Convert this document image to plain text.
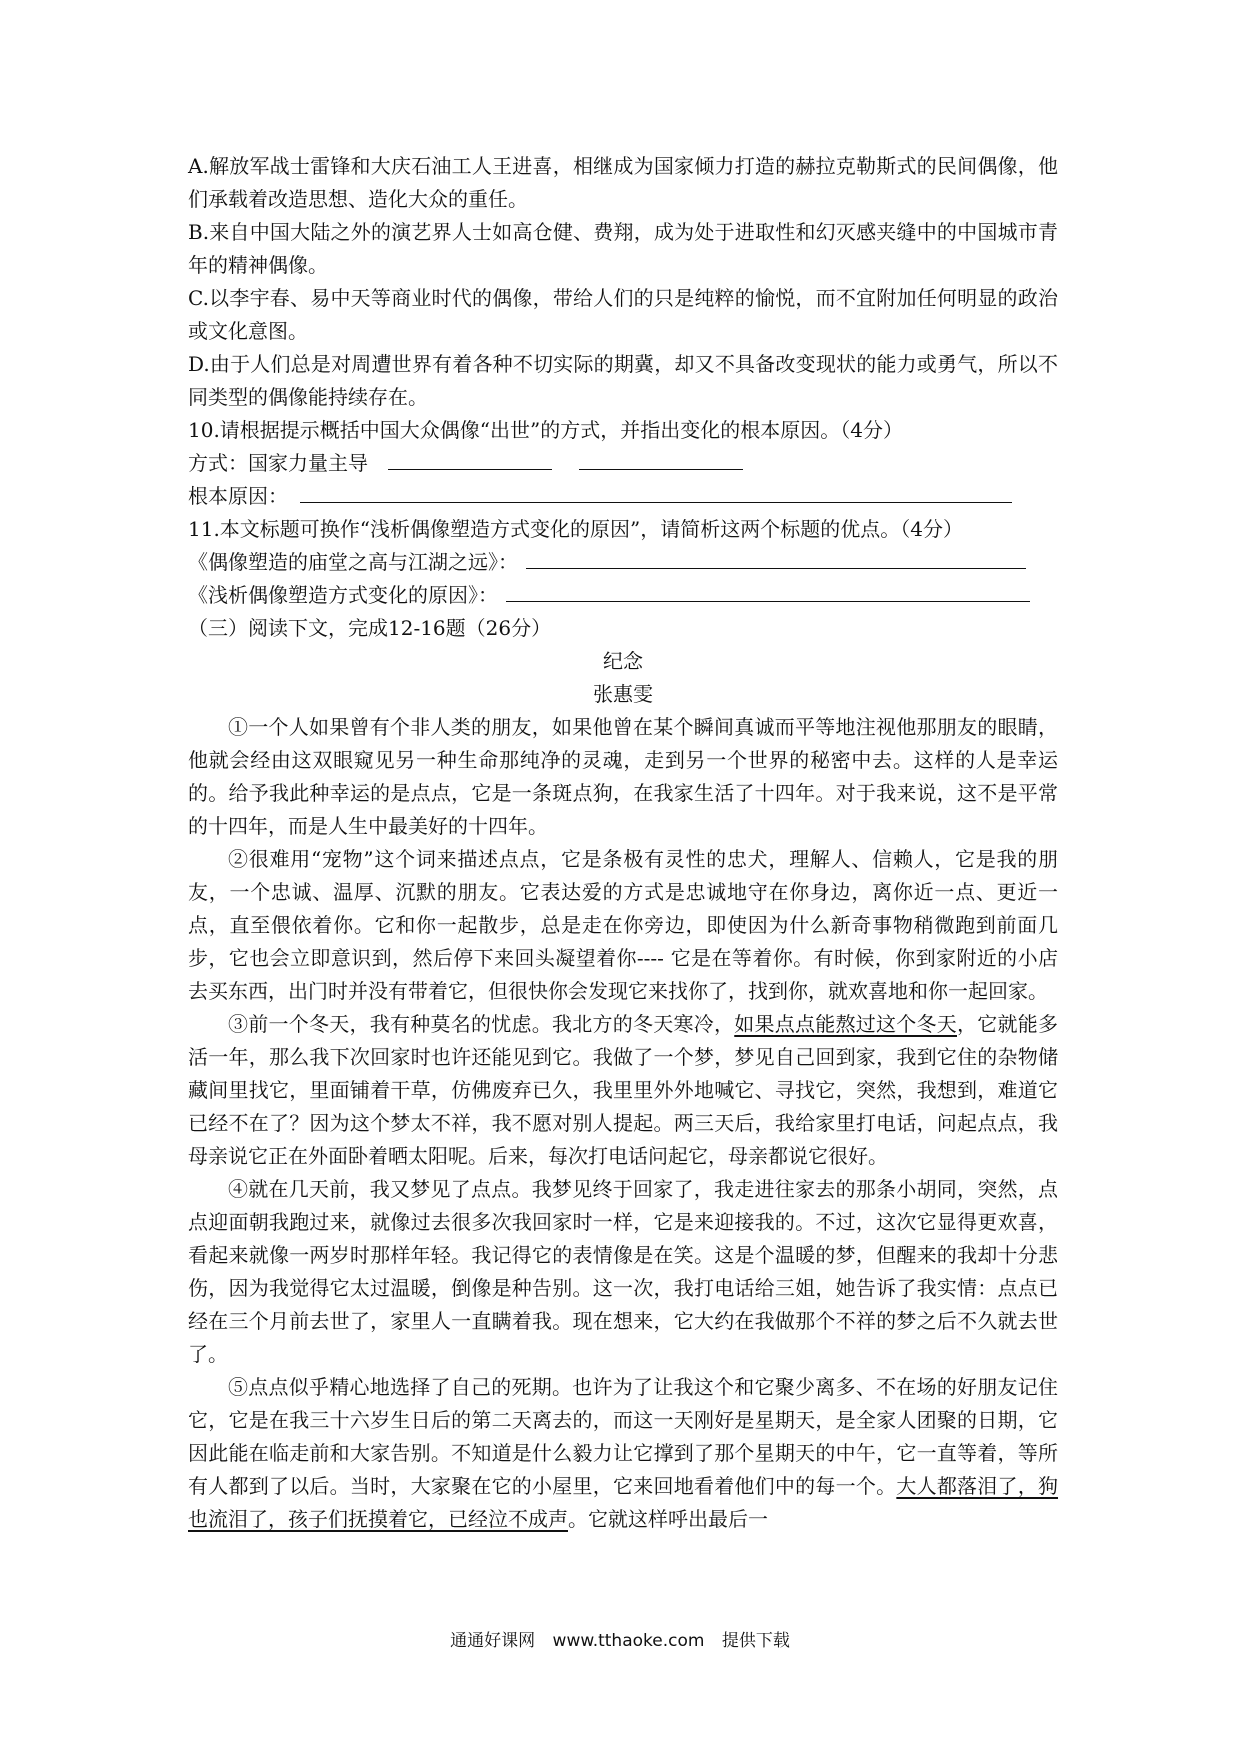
A.解放军战士雷锋和大庆石油工人王进喜，相继成为国家倾力打造的赫拉克勒斯式的民间偶像，他们承载着改造思想、造化大众的重任。

B.来自中国大陆之外的演艺界人士如高仓健、费翔，成为处于进取性和幻灭感夹缝中的中国城市青年的精神偶像。

C.以李宇春、易中天等商业时代的偶像，带给人们的只是纯粹的愉悦，而不宜附加任何明显的政治或文化意图。

D.由于人们总是对周遭世界有着各种不切实际的期冀，却又不具备改变现状的能力或勇气，所以不同类型的偶像能持续存在。

10.请根据提示概括中国大众偶像“出世”的方式，并指出变化的根本原因。（4分）

方式：国家力量主导

根本原因：

11.本文标题可换作“浅析偶像塑造方式变化的原因”，请简析这两个标题的优点。（4分）

《偶像塑造的庙堂之高与江湖之远》：

《浅析偶像塑造方式变化的原因》：

（三）阅读下文，完成12-16题（26分）

纪念

张惠雯

①一个人如果曾有个非人类的朋友，如果他曾在某个瞬间真诚而平等地注视他那朋友的眼睛，他就会经由这双眼窥见另一种生命那纯净的灵魂，走到另一个世界的秘密中去。这样的人是幸运的。给予我此种幸运的是点点，它是一条斑点狗，在我家生活了十四年。对于我来说，这不是平常的十四年，而是人生中最美好的十四年。

②很难用“宠物”这个词来描述点点，它是条极有灵性的忠犬，理解人、信赖人，它是我的朋友，一个忠诚、温厚、沉默的朋友。它表达爱的方式是忠诚地守在你身边，离你近一点、更近一点，直至偎依着你。它和你一起散步，总是走在你旁边，即使因为什么新奇事物稍微跑到前面几步，它也会立即意识到，然后停下来回头凝望着你---- 它是在等着你。有时候，你到家附近的小店去买东西，出门时并没有带着它，但很快你会发现它来找你了，找到你，就欢喜地和你一起回家。

③前一个冬天，我有种莫名的忧虑。我北方的冬天寒冷，如果点点能熬过这个冬天，它就能多活一年，那么我下次回家时也许还能见到它。我做了一个梦，梦见自己回到家，我到它住的杂物储藏间里找它，里面铺着干草，仿佛废弃已久，我里里外外地喊它、寻找它，突然，我想到，难道它已经不在了？因为这个梦太不祥，我不愿对别人提起。两三天后，我给家里打电话，问起点点，我母亲说它正在外面卧着晒太阳呢。后来，每次打电话问起它，母亲都说它很好。

④就在几天前，我又梦见了点点。我梦见终于回家了，我走进往家去的那条小胡同，突然，点点迎面朝我跑过来，就像过去很多次我回家时一样，它是来迎接我的。不过，这次它显得更欢喜，看起来就像一两岁时那样年轻。我记得它的表情像是在笑。这是个温暖的梦，但醒来的我却十分悲伤，因为我觉得它太过温暖，倒像是种告别。这一次，我打电话给三姐，她告诉了我实情：点点已经在三个月前去世了，家里人一直瞒着我。现在想来，它大约在我做那个不祥的梦之后不久就去世了。

⑤点点似乎精心地选择了自己的死期。也许为了让我这个和它聚少离多、不在场的好朋友记住它，它是在我三十六岁生日后的第二天离去的，而这一天刚好是星期天，是全家人团聚的日期，它因此能在临走前和大家告别。不知道是什么毅力让它撑到了那个星期天的中午，它一直等着，等所有人都到了以后。当时，大家聚在它的小屋里，它来回地看着他们中的每一个。大人都落泪了，狗也流泪了，孩子们抚摸着它，已经泣不成声。它就这样呼出最后一

通通好课网 www.tthaoke.com 提供下载
